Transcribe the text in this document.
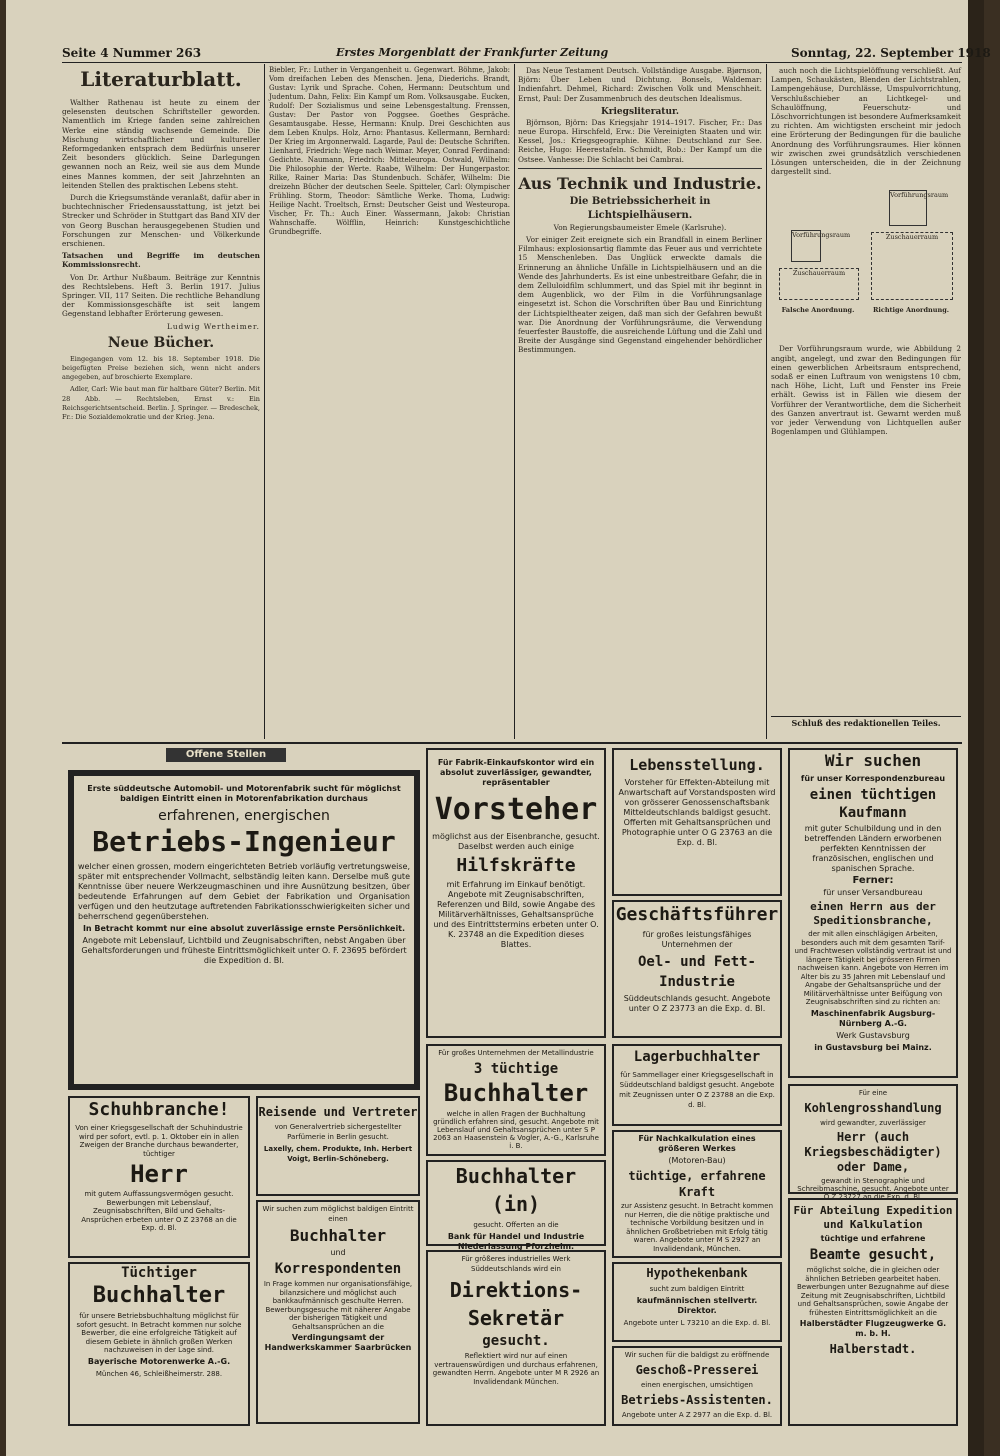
Seite 4 Nummer 263	Erstes Morgenblatt der Frankfurter Zeitung	Sonntag, 22. September 1918
Literaturblatt.

Walther Rathenau ist heute zu einem der gelesensten deutschen Schriftsteller geworden. Namentlich im Kriege fanden seine zahlreichen Werke eine ständig wachsende Gemeinde. Die Mischung wirtschaftlicher und kultureller Reformgedanken entsprach dem Bedürfnis unserer Zeit besonders glücklich. Seine Darlegungen gewannen noch an Reiz, weil sie aus dem Munde eines Mannes kommen, der seit Jahrzehnten an leitenden Stellen des praktischen Lebens steht.

Durch die Kriegsumstände veranlaßt, dafür aber in buchtechnischer Friedensausstattung, ist jetzt bei Strecker und Schröder in Stuttgart das Band XIV der von Georg Buschan herausgegebenen Studien und Forschungen zur Menschen- und Völkerkunde erschienen.

Tatsachen und Begriffe im deutschen Kommissionsrecht.

Von Dr. Arthur Nußbaum. Beiträge zur Kenntnis des Rechtslebens. Heft 3. Berlin 1917. Julius Springer. VII, 117 Seiten. Die rechtliche Behandlung der Kommissionsgeschäfte ist seit langem Gegenstand lebhafter Erörterung gewesen.

Ludwig Wertheimer.

Neue Bücher.

Eingegangen vom 12. bis 18. September 1918. Die beigefügten Preise beziehen sich, wenn nicht anders angegeben, auf broschierte Exemplare.

Adler, Carl: Wie baut man für haltbare Güter? Berlin. Mit 28 Abb. — Rechtsleben, Ernst v.: Ein Reichsgerichtsentscheid. Berlin. J. Springer. — Bredeschek, Fr.: Die Sozialdemokratie und der Krieg. Jena.

Biebler, Fr.: Luther in Vergangenheit u. Gegenwart. Böhme, Jakob: Vom dreifachen Leben des Menschen. Jena, Diederichs. Brandt, Gustav: Lyrik und Sprache. Cohen, Hermann: Deutschtum und Judentum. Dahn, Felix: Ein Kampf um Rom. Volksausgabe. Eucken, Rudolf: Der Sozialismus und seine Lebensgestaltung. Frenssen, Gustav: Der Pastor von Poggsee. Goethes Gespräche. Gesamtausgabe. Hesse, Hermann: Knulp. Drei Geschichten aus dem Leben Knulps. Holz, Arno: Phantasus. Kellermann, Bernhard: Der Krieg im Argonnerwald. Lagarde, Paul de: Deutsche Schriften. Lienhard, Friedrich: Wege nach Weimar. Meyer, Conrad Ferdinand: Gedichte. Naumann, Friedrich: Mitteleuropa. Ostwald, Wilhelm: Die Philosophie der Werte. Raabe, Wilhelm: Der Hungerpastor. Rilke, Rainer Maria: Das Stundenbuch. Schäfer, Wilhelm: Die dreizehn Bücher der deutschen Seele. Spitteler, Carl: Olympischer Frühling. Storm, Theodor: Sämtliche Werke. Thoma, Ludwig: Heilige Nacht. Troeltsch, Ernst: Deutscher Geist und Westeuropa. Vischer, Fr. Th.: Auch Einer. Wassermann, Jakob: Christian Wahnschaffe. Wölfflin, Heinrich: Kunstgeschichtliche Grundbegriffe.

Das Neue Testament Deutsch. Vollständige Ausgabe. Bjørnson, Björn: Über Leben und Dichtung. Bonsels, Waldemar: Indienfahrt. Dehmel, Richard: Zwischen Volk und Menschheit. Ernst, Paul: Der Zusammenbruch des deutschen Idealismus.

Kriegsliteratur.

Björnson, Björn: Das Kriegsjahr 1914–1917. Fischer, Fr.: Das neue Europa. Hirschfeld, Erw.: Die Vereinigten Staaten und wir. Kessel, Jos.: Kriegsgeographie. Kühne: Deutschland zur See. Reiche, Hugo: Heerestafeln. Schmidt, Rob.: Der Kampf um die Ostsee. Vanhesse: Die Schlacht bei Cambrai.

Aus Technik und Industrie.
Die Betriebssicherheit in Lichtspielhäusern.
Von Regierungsbaumeister Emele (Karlsruhe).

Vor einiger Zeit ereignete sich ein Brandfall in einem Berliner Filmhaus: explosionsartig flammte das Feuer aus und verrichtete 15 Menschenleben. Das Unglück erweckte damals die Erinnerung an ähnliche Unfälle in Lichtspielhäusern und an die Wende des Jahrhunderts. Es ist eine unbestreitbare Gefahr, die in dem Zelluloidfilm schlummert, und das Spiel mit ihr beginnt in dem Augenblick, wo der Film in die Vorführungsanlage eingesetzt ist. Schon die Vorschriften über Bau und Einrichtung der Lichtspieltheater zeigen, daß man sich der Gefahren bewußt war. Die Anordnung der Vorführungsräume, die Verwendung feuerfester Baustoffe, die ausreichende Lüftung und die Zahl und Breite der Ausgänge sind Gegenstand eingehender behördlicher Bestimmungen.

auch noch die Lichtspielöffnung verschließt. Auf Lampen, Schaukästen, Blenden der Lichtstrahlen, Lampengehäuse, Durchlässe, Umspulvorrichtung, Verschlußschieber an Lichtkegel- und Schaulöffnung, Feuerschutz- und Löschvorrichtungen ist besondere Aufmerksamkeit zu richten. Am wichtigsten erscheint mir jedoch eine Erörterung der Bedingungen für die bauliche Anordnung des Vorführungsraumes. Hier können wir zwischen zwei grundsätzlich verschiedenen Lösungen unterscheiden, die in der Zeichnung dargestellt sind.

Vorführungsraum
Vorführungsraum
Zuschauerraum
Zuschauerraum
Falsche Anordnung.	Richtige Anordnung.

Der Vorführungsraum wurde, wie Abbildung 2 angibt, angelegt, und zwar den Bedingungen für einen gewerblichen Arbeitsraum entsprechend, sodaß er einen Luftraum von wenigstens 10 cbm, nach Höhe, Licht, Luft und Fenster ins Freie erhält. Gewiss ist in Fällen wie diesem der Vorführer der Verantwortliche, dem die Sicherheit des Ganzen anvertraut ist. Gewarnt werden muß vor jeder Verwendung von Lichtquellen außer Bogenlampen und Glühlampen.

Schluß des redaktionellen Teiles.
Offene Stellen
Erste süddeutsche Automobil- und Motorenfabrik sucht für möglichst baldigen Eintritt einen in Motorenfabrikation durchaus
erfahrenen, energischen
Betriebs-Ingenieur
welcher einen grossen, modern eingerichteten Betrieb vorläufig vertretungsweise, später mit entsprechender Vollmacht, selbständig leiten kann. Derselbe muß gute Kenntnisse über neuere Werkzeugmaschinen und ihre Ausnützung besitzen, über bedeutende Erfahrungen auf dem Gebiet der Fabrikation und Organisation verfügen und den heutzutage auftretenden Fabrikationsschwierigkeiten sicher und beherrschend gegenüberstehen.
In Betracht kommt nur eine absolut zuverlässige ernste Persönlichkeit.
Angebote mit Lebenslauf, Lichtbild und Zeugnisabschriften, nebst Angaben über Gehaltsforderungen und früheste Eintrittsmöglichkeit unter O. F. 23695 befördert die Expedition d. Bl.
Für Fabrik-Einkaufskontor wird ein absolut zuverlässiger, gewandter, repräsentabler
Vorsteher
möglichst aus der Eisenbranche, gesucht. Daselbst werden auch einige
Hilfskräfte
mit Erfahrung im Einkauf benötigt. Angebote mit Zeugnisabschriften, Referenzen und Bild, sowie Angabe des Militärverhältnisses, Gehaltsansprüche und des Eintrittstermins erbeten unter O. K. 23748 an die Expedition dieses Blattes.
Lebensstellung.
Vorsteher für Effekten-Abteilung mit Anwartschaft auf Vorstandsposten wird von grösserer Genossenschaftsbank Mitteldeutschlands baldigst gesucht. Offerten mit Gehaltsansprüchen und Photographie unter O G 23763 an die Exp. d. Bl.
Geschäftsführer
für großes leistungsfähiges Unternehmen der
Oel- und Fett-Industrie
Süddeutschlands gesucht. Angebote unter O Z 23773 an die Exp. d. Bl.
Wir suchen
für unser Korrespondenzbureau
einen tüchtigen Kaufmann
mit guter Schulbildung und in den betreffenden Ländern erworbenen perfekten Kenntnissen der französischen, englischen und spanischen Sprache.
Ferner:
für unser Versandbureau
einen Herrn aus der Speditionsbranche,
der mit allen einschlägigen Arbeiten, besonders auch mit dem gesamten Tarif- und Frachtwesen vollständig vertraut ist und längere Tätigkeit bei grösseren Firmen nachweisen kann. Angebote von Herren im Alter bis zu 35 Jahren mit Lebenslauf und Angabe der Gehaltsansprüche und der Militärverhältnisse unter Beifügung von Zeugnisabschriften sind zu richten an:
Maschinenfabrik Augsburg-Nürnberg A.-G.
Werk Gustavsburg
in Gustavsburg bei Mainz.
Für großes Unternehmen der Metallindustrie
3 tüchtige
Buchhalter
welche in allen Fragen der Buchhaltung gründlich erfahren sind, gesucht. Angebote mit Lebenslauf und Gehaltsansprüchen unter S P 2063 an Haasenstein & Vogler, A.-G., Karlsruhe i. B.
Lagerbuchhalter
für Sammellager einer Kriegsgesellschaft in Süddeutschland baldigst gesucht. Angebote mit Zeugnissen unter O Z 23788 an die Exp. d. Bl.
Für Nachkalkulation eines größeren Werkes
(Motoren-Bau)
tüchtige, erfahrene Kraft
zur Assistenz gesucht. In Betracht kommen nur Herren, die die nötige praktische und technische Vorbildung besitzen und in ähnlichen Großbetrieben mit Erfolg tätig waren. Angebote unter M S 2927 an Invalidendank, München.
Für eine
Kohlengrosshandlung
wird gewandter, zuverlässiger
Herr (auch Kriegsbeschädigter) oder Dame,
gewandt in Stenographie und Schreibmaschine, gesucht. Angebote unter O Z 23727 an die Exp. d. Bl.
Schuhbranche!
Von einer Kriegsgesellschaft der Schuhindustrie wird per sofort, evtl. p. 1. Oktober ein in allen Zweigen der Branche durchaus bewanderter, tüchtiger
Herr
mit gutem Auffassungsvermögen gesucht. Bewerbungen mit Lebenslauf, Zeugnisabschriften, Bild und Gehalts-Ansprüchen erbeten unter O Z 23768 an die Exp. d. Bl.
Reisende und Vertreter
von Generalvertrieb sichergestellter Parfümerie in Berlin gesucht.
Laxelly, chem. Produkte, Inh. Herbert Voigt, Berlin-Schöneberg.
Buchhalter (in)
gesucht. Offerten an die
Bank für Handel und Industrie Niederlassung Pforzheim.
Wir suchen zum möglichst baldigen Eintritt einen
Buchhalter
und
Korrespondenten
In Frage kommen nur organisationsfähige, bilanzsichere und möglichst auch bankkaufmännisch geschulte Herren. Bewerbungsgesuche mit näherer Angabe der bisherigen Tätigkeit und Gehaltsansprüchen an die
Verdingungsamt der Handwerkskammer Saarbrücken
Hypothekenbank
sucht zum baldigen Eintritt
kaufmännischen stellvertr. Direktor.
Angebote unter L 73210 an die Exp. d. Bl.
Für größeres industrielles Werk Süddeutschlands wird ein
Direktions-Sekretär
gesucht.
Reflektiert wird nur auf einen vertrauenswürdigen und durchaus erfahrenen, gewandten Herrn. Angebote unter M R 2926 an Invalidendank München.
Wir suchen für die baldigst zu eröffnende
Geschoß-Presserei
einen energischen, umsichtigen
Betriebs-Assistenten.
Angebote unter A Z 2977 an die Exp. d. Bl.
Tüchtiger
Buchhalter
für unsere Betriebsbuchhaltung möglichst für sofort gesucht. In Betracht kommen nur solche Bewerber, die eine erfolgreiche Tätigkeit auf diesem Gebiete in ähnlich großen Werken nachzuweisen in der Lage sind.
Bayerische Motorenwerke A.-G.
München 46, Schleißheimerstr. 288.
Für Abteilung Expedition und Kalkulation
tüchtige und erfahrene
Beamte gesucht,
möglichst solche, die in gleichen oder ähnlichen Betrieben gearbeitet haben. Bewerbungen unter Bezugnahme auf diese Zeitung mit Zeugnisabschriften, Lichtbild und Gehaltsansprüchen, sowie Angabe der frühesten Eintrittsmöglichkeit an die
Halberstädter Flugzeugwerke G. m. b. H.
Halberstadt.
